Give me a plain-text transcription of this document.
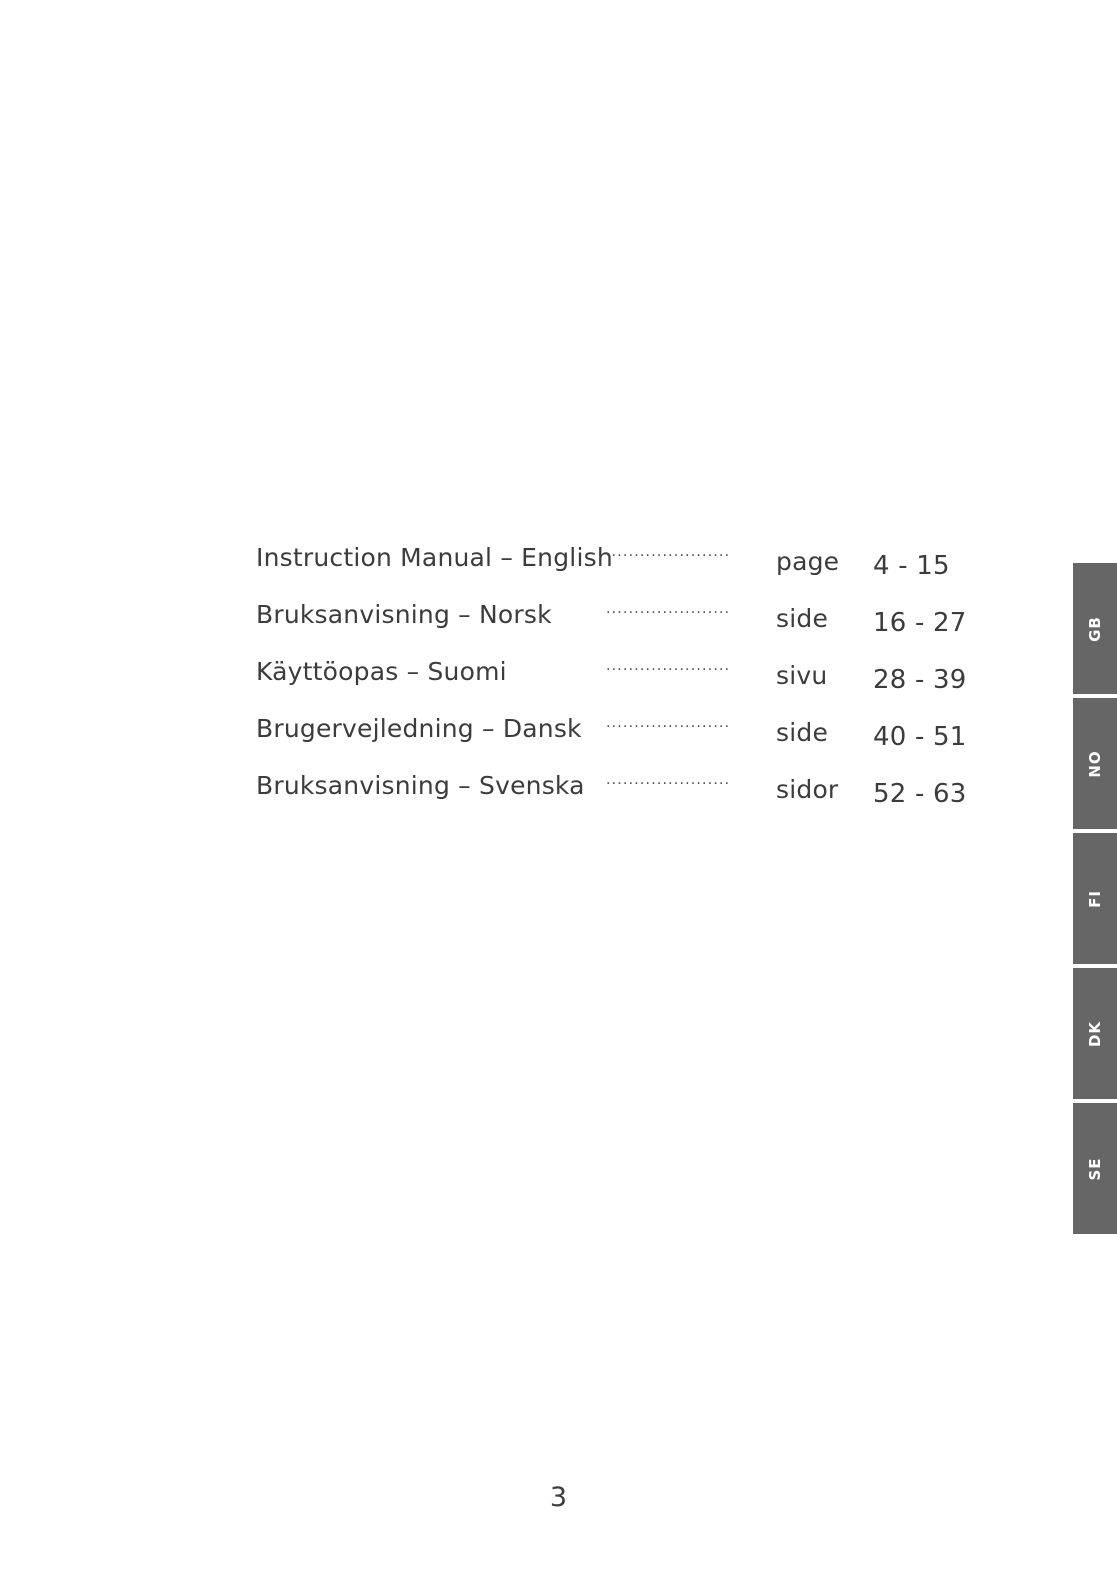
Instruction Manual – English
······················ page 4 - 15
Bruksanvisning – Norsk	······················ side 16 - 27
Käyttöopas – Suomi	······················ sivu 28 - 39
Brugervejledning – Dansk ······················ side 40 - 51
Bruksanvisning – Svenska ······················ sidor 52 - 63
GB
NO
FI
DK
SE
3
